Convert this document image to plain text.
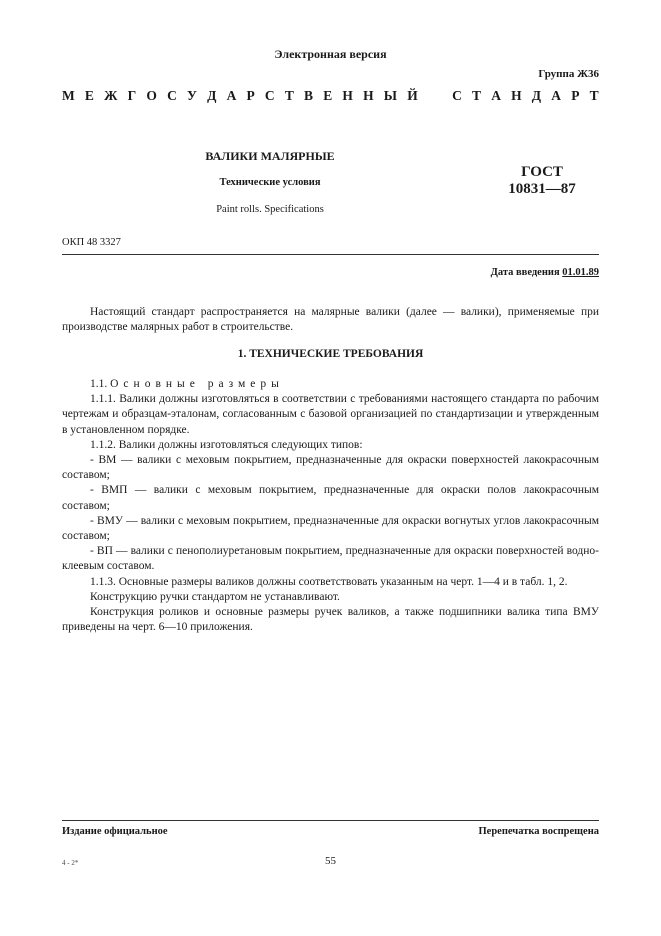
Электронная версия
Группа Ж36
М Е Ж Г О С У Д А Р С Т В Е Н Н Ы Й	С Т А Н Д А Р Т
ВАЛИКИ МАЛЯРНЫЕ
Технические условия
Paint rolls. Specifications
ГОСТ
10831—87
ОКП 48 3327
Дата введения 01.01.89

Настоящий стандарт распространяется на малярные валики (далее — валики), применяемые при производстве малярных работ в строительстве.

1. ТЕХНИЧЕСКИЕ ТРЕБОВАНИЯ

1.1. Основные размеры

1.1.1. Валики должны изготовляться в соответствии с требованиями настоящего стандарта по рабочим чертежам и образцам-эталонам, согласованным с базовой организацией по стандартизации и утвержденным в установленном порядке.

1.1.2. Валики должны изготовляться следующих типов:

- ВМ — валики с меховым покрытием, предназначенные для окраски поверхностей лакокрасочным составом;

- ВМП — валики с меховым покрытием, предназначенные для окраски полов лакокрасочным составом;

- ВМУ — валики с меховым покрытием, предназначенные для окраски вогнутых углов лакокрасочным составом;

- ВП — валики с пенополиуретановым покрытием, предназначенные для окраски поверхностей водно-клеевым составом.

1.1.3. Основные размеры валиков должны соответствовать указанным на черт. 1—4 и в табл. 1, 2.

Конструкцию ручки стандартом не устанавливают.

Конструкция роликов и основные размеры ручек валиков, а также подшипники валика типа ВМУ приведены на черт. 6—10 приложения.

Издание официальное	Перепечатка воспрещена
4 - 2*	55
